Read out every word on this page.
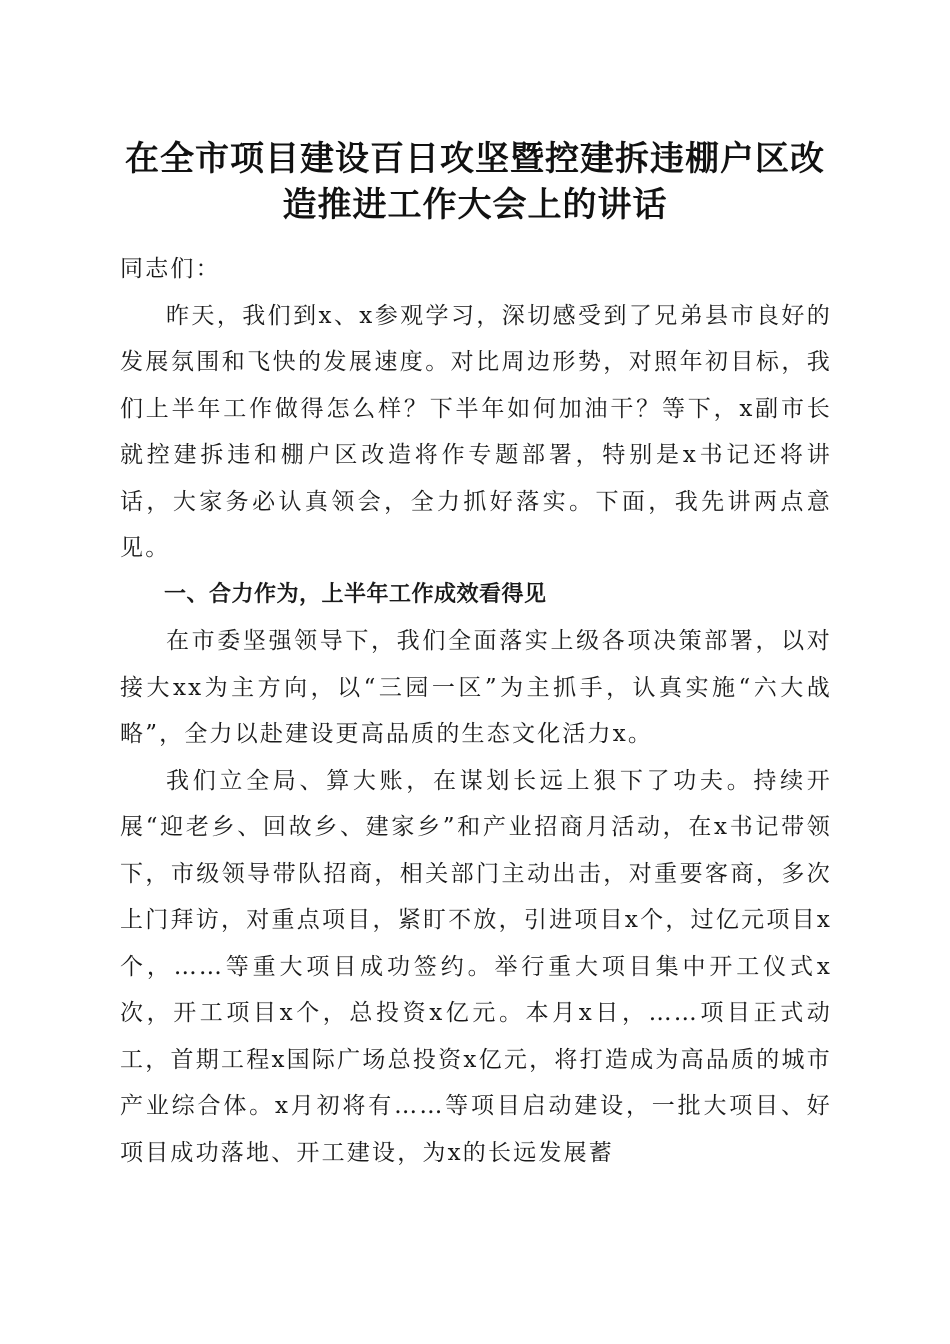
在全市项目建设百日攻坚暨控建拆违棚户区改
造推进工作大会上的讲话

同志们：

昨天，我们到x、x参观学习，深切感受到了兄弟县市良好的发展氛围和飞快的发展速度。对比周边形势，对照年初目标，我们上半年工作做得怎么样？下半年如何加油干？等下，x副市长就控建拆违和棚户区改造将作专题部署，特别是x书记还将讲话，大家务必认真领会，全力抓好落实。下面，我先讲两点意见。

一、合力作为，上半年工作成效看得见

在市委坚强领导下，我们全面落实上级各项决策部署，以对接大xx为主方向，以“三园一区”为主抓手，认真实施“六大战略”，全力以赴建设更高品质的生态文化活力x。

我们立全局、算大账，在谋划长远上狠下了功夫。持续开展“迎老乡、回故乡、建家乡”和产业招商月活动，在x书记带领下，市级领导带队招商，相关部门主动出击，对重要客商，多次上门拜访，对重点项目，紧盯不放，引进项目x个，过亿元项目x个，……等重大项目成功签约。举行重大项目集中开工仪式x次，开工项目x个，总投资x亿元。本月x日，……项目正式动工，首期工程x国际广场总投资x亿元，将打造成为高品质的城市产业综合体。x月初将有……等项目启动建设，一批大项目、好项目成功落地、开工建设，为x的长远发展蓄
